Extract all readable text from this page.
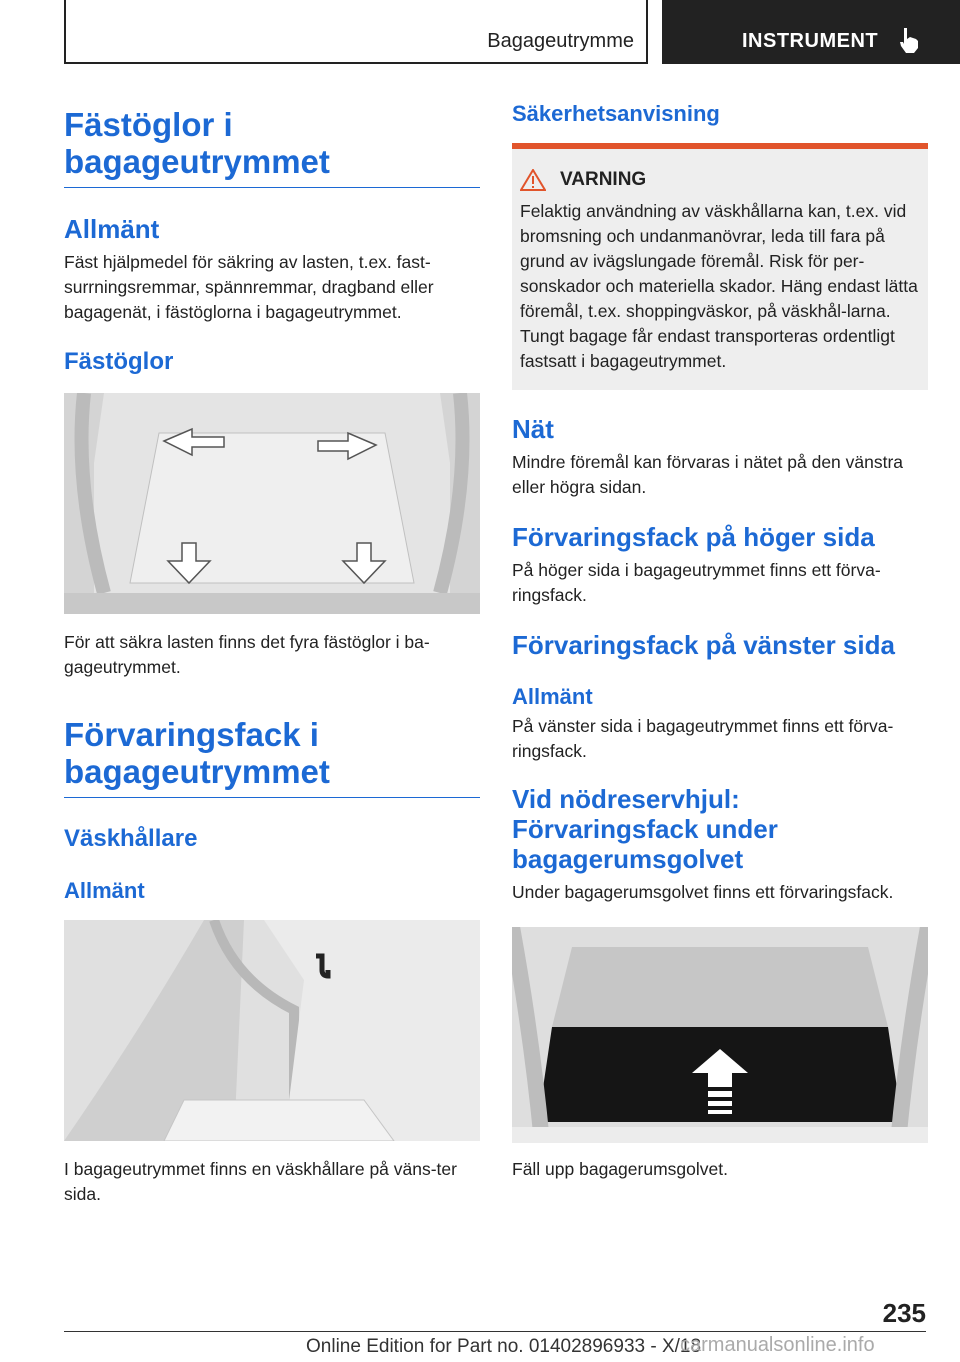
Bagageutrymme	INSTRUMENT
Fästöglor i bagageutrymmet
Allmänt

Fäst hjälpmedel för säkring av lasten, t.ex. fast‐surrningsremmar, spännremmar, dragband eller bagagenät, i fästöglorna i bagageutrymmet.

Fästöglor

För att säkra lasten finns det fyra fästöglor i ba‐gageutrymmet.

Förvaringsfack i bagageutrymmet
Väskhållare
Allmänt

I bagageutrymmet finns en väskhållare på väns‐ter sida.

Säkerhetsanvisning
VARNING

Felaktig användning av väskhållarna kan, t.ex. vid bromsning och undanmanövrar, leda till fara på grund av ivägslungade föremål. Risk för per‐sonskador och materiella skador. Häng endast lätta föremål, t.ex. shoppingväskor, på väskhål‐larna. Tungt bagage får endast transporteras ordentligt fastsatt i bagageutrymmet.

Nät

Mindre föremål kan förvaras i nätet på den vänstra eller högra sidan.

Förvaringsfack på höger sida

På höger sida i bagageutrymmet finns ett förva‐ringsfack.

Förvaringsfack på vänster sida
Allmänt

På vänster sida i bagageutrymmet finns ett förva‐ringsfack.

Vid nödreservhjul: Förvaringsfack under bagagerumsgolvet

Under bagagerumsgolvet finns ett förvaringsfack.

Fäll upp bagagerumsgolvet.

235
Online Edition for Part no. 01402896933 - X/18
carmanualsonline.info
